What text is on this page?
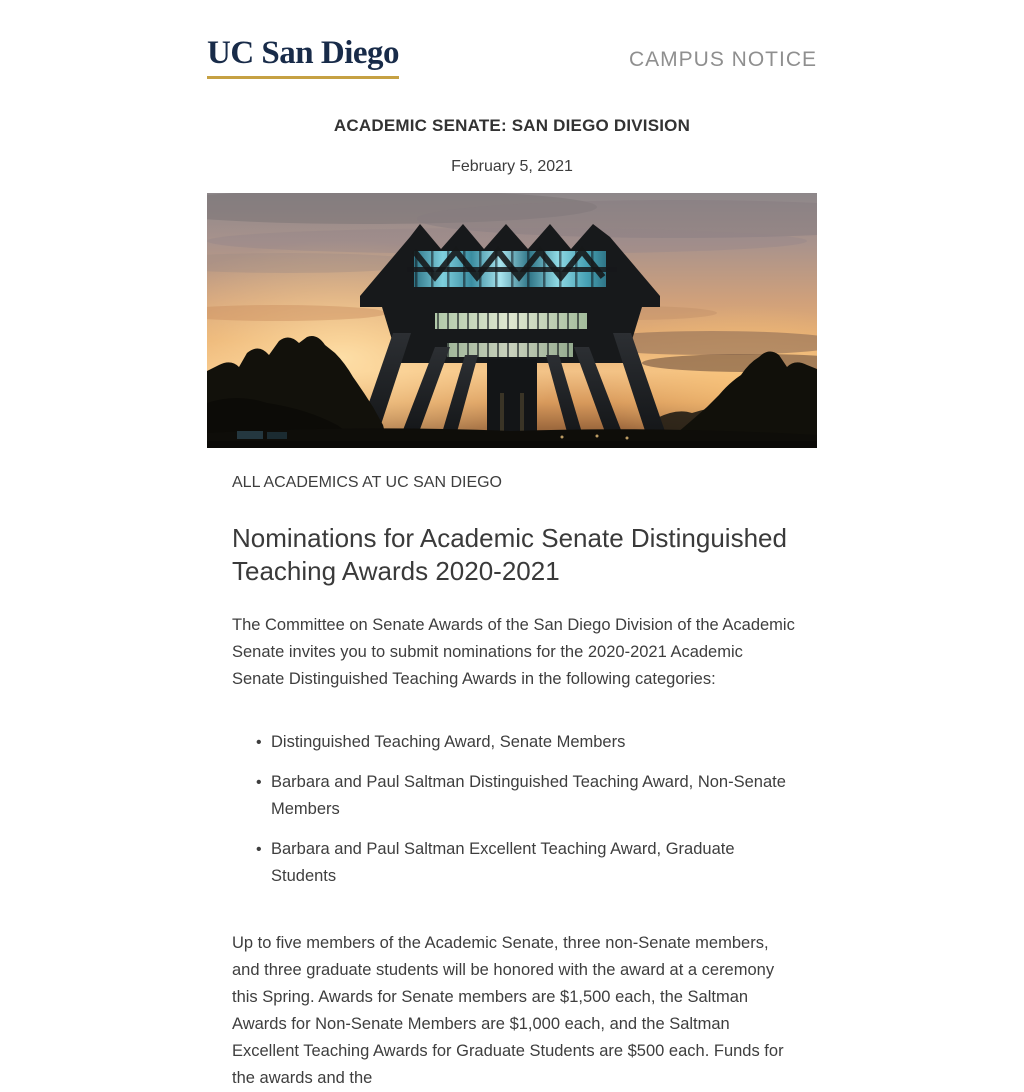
UC San Diego	CAMPUS NOTICE
ACADEMIC SENATE: SAN DIEGO DIVISION
February 5, 2021
ALL ACADEMICS AT UC SAN DIEGO
Nominations for Academic Senate Distinguished Teaching Awards 2020-2021

The Committee on Senate Awards of the San Diego Division of the Academic Senate invites you to submit nominations for the 2020-2021 Academic Senate Distinguished Teaching Awards in the following categories:

• Distinguished Teaching Award, Senate Members
• Barbara and Paul Saltman Distinguished Teaching Award, Non-Senate Members
• Barbara and Paul Saltman Excellent Teaching Award, Graduate Students

Up to five members of the Academic Senate, three non-Senate members, and three graduate students will be honored with the award at a ceremony this Spring. Awards for Senate members are $1,500 each, the Saltman Awards for Non-Senate Members are $1,000 each, and the Saltman Excellent Teaching Awards for Graduate Students are $500 each. Funds for the awards and the
